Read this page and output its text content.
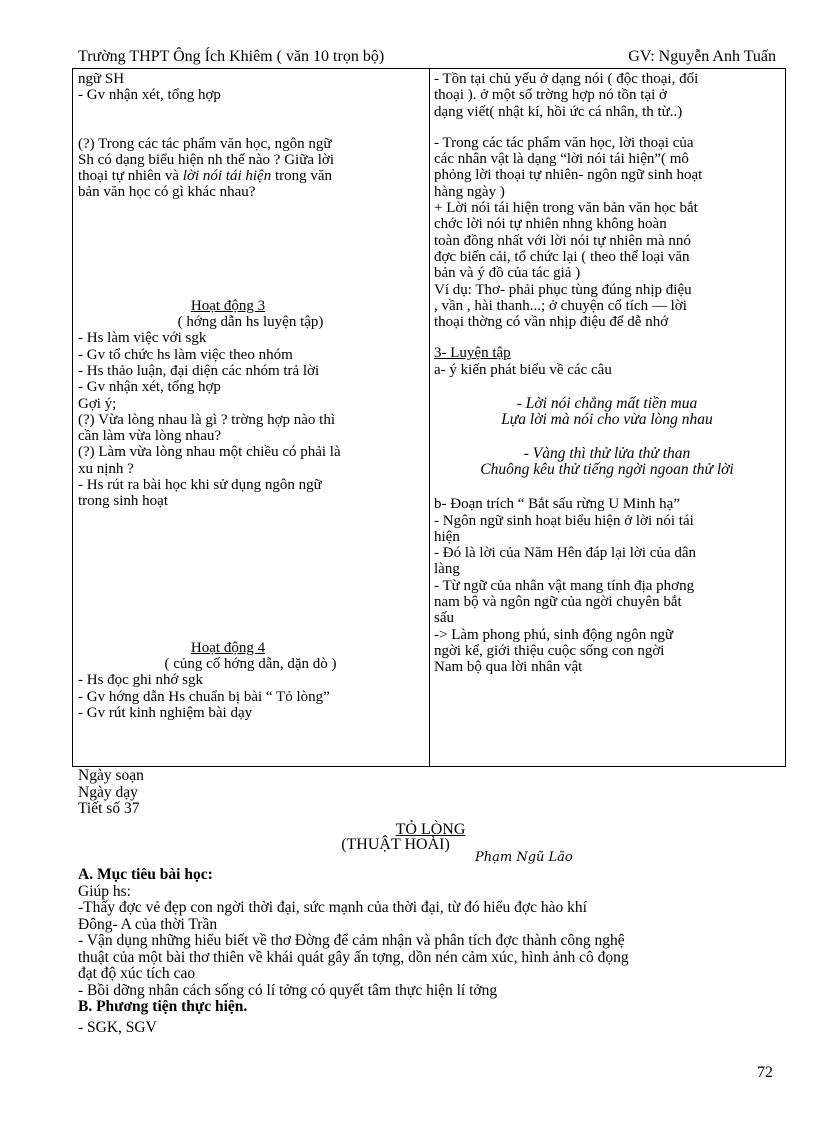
Trường THPT Ông Ích Khiêm ( văn 10 trọn bộ)	GV: Nguyễn Anh Tuấn
ngữ SH
- Gv nhận xét, tổng hợp
(?) Trong các tác phẩm văn học, ngôn ngữ
Sh có dạng biểu hiện nh thế nào ? Giữa lời
thoại tự nhiên và lời nói tái hiện trong văn
bản văn học có gì khác nhau?
Hoạt động 3
( hớng dẫn hs luyện tập)
- Hs làm việc với sgk
- Gv tổ chức hs làm việc theo nhóm
- Hs thảo luận, đại diện các nhóm trả lời
- Gv nhận xét, tổng hợp
Gợi ý;
(?) Vừa lòng nhau là gì ? trờng hợp nào thì
cần làm vừa lòng nhau?
(?) Làm vừa lòng nhau một chiều có phải là
xu nịnh ?
- Hs rút ra bài học khi sử dụng ngôn ngữ
trong sinh hoạt
Hoạt động 4
( củng cố hớng dẫn, dặn dò )
- Hs đọc ghi nhớ sgk
- Gv hớng dẫn Hs chuẩn bị bài “ Tỏ lòng”
- Gv rút kinh nghiệm bài dạy
- Tồn tại chủ yếu ở dạng nói ( độc thoại, đối
thoại ). ở một số trờng hợp nó tồn tại ở
dạng viết( nhật kí, hồi ức cá nhân, th từ..)
- Trong các tác phẩm văn học, lời thoại của
các nhân vật là dạng “lời nói tái hiện”( mô
phỏng lời thoại tự nhiên- ngôn ngữ sinh hoạt
hàng ngày )
+ Lời nói tái hiện trong văn bản văn học bắt
chớc lời nói tự nhiên nhng không hoàn
toàn đồng nhất với lời nói tự nhiên mà nnó
đợc biến cải, tổ chức lại ( theo thể loại văn
bản và ý đồ của tác giả )
Ví dụ: Thơ- phải phục tùng đúng nhịp điệu
, vần , hài thanh...; ở chuyện cổ tích — lời
thoại thờng có vần nhịp điệu để dễ nhớ
3- Luyện tập
a- ý kiến phát biểu về các câu
- Lời nói chẳng mất tiền mua
Lựa lời mà nói cho vừa lòng nhau
- Vàng thì thử lửa thử than
Chuông kêu thử tiếng ngời ngoan thử lời
b- Đoạn trích “ Bắt sấu rừng U Minh hạ”
- Ngôn ngữ sinh hoạt biểu hiện ở lời nói tái
hiện
- Đó là lời của Năm Hên đáp lại lời của dân
làng
- Từ ngữ của nhân vật mang tính địa phơng
nam bộ và ngôn ngữ của ngời chuyên bắt
sấu
-> Làm phong phú, sinh động ngôn ngữ
ngời kể, giới thiệu cuộc sống con ngời
Nam bộ qua lời nhân vật
Ngày soạn
Ngày dạy
Tiết số 37
TỎ LÒNG
(THUẬT HOÀI)
Phạm Ngũ Lão
A. Mục tiêu bài học:
Giúp hs:
-Thấy đợc vẻ đẹp con ngời thời đại, sức mạnh của thời đại, từ đó hiểu đợc hào khí
Đông- A của thời Trần
- Vận dụng những hiểu biết về thơ Đờng để cảm nhận và phân tích đợc thành công nghệ
thuật của một bài thơ thiên về khái quát gây ấn tợng, dồn nén cảm xúc, hình ảnh cô đọng
đạt độ xúc tích cao
- Bồi dỡng nhân cách sống có lí tởng có quyết tâm thực hiện lí tởng
B. Phương tiện thực hiện.
- SGK, SGV
72
